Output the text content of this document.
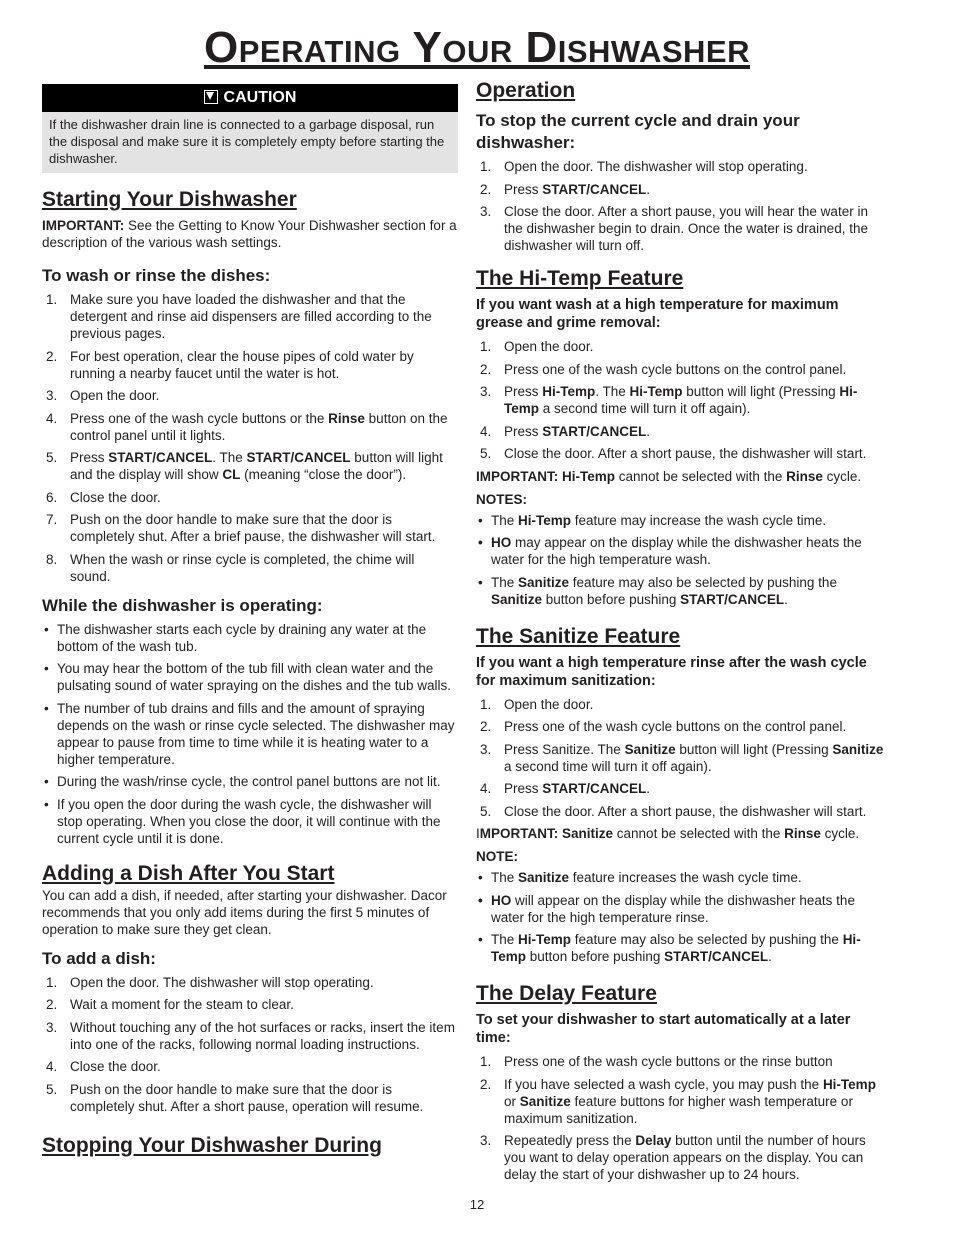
Operating Your Dishwasher
CAUTION
If the dishwasher drain line is connected to a garbage disposal, run the disposal and make sure it is completely empty before starting the dishwasher.
Starting Your Dishwasher

IMPORTANT: See the Getting to Know Your Dishwasher section for a description of the various wash settings.

To wash or rinse the dishes:
1. Make sure you have loaded the dishwasher and that the detergent and rinse aid dispensers are filled according to the previous pages.
2. For best operation, clear the house pipes of cold water by running a nearby faucet until the water is hot.
3. Open the door.
4. Press one of the wash cycle buttons or the Rinse button on the control panel until it lights.
5. Press START/CANCEL. The START/CANCEL button will light and the display will show CL (meaning “close the door”).
6. Close the door.
7. Push on the door handle to make sure that the door is completely shut. After a brief pause, the dishwasher will start.
8. When the wash or rinse cycle is completed, the chime will sound.
While the dishwasher is operating:
• The dishwasher starts each cycle by draining any water at the bottom of the wash tub.
• You may hear the bottom of the tub fill with clean water and the pulsating sound of water spraying on the dishes and the tub walls.
• The number of tub drains and fills and the amount of spraying depends on the wash or rinse cycle selected. The dishwasher may appear to pause from time to time while it is heating water to a higher temperature.
• During the wash/rinse cycle, the control panel buttons are not lit.
• If you open the door during the wash cycle, the dishwasher will stop operating. When you close the door, it will continue with the current cycle until it is done.
Adding a Dish After You Start

You can add a dish, if needed, after starting your dishwasher. Dacor recommends that you only add items during the first 5 minutes of operation to make sure they get clean.

To add a dish:
1. Open the door. The dishwasher will stop operating.
2. Wait a moment for the steam to clear.
3. Without touching any of the hot surfaces or racks, insert the item into one of the racks, following normal loading instructions.
4. Close the door.
5. Push on the door handle to make sure that the door is completely shut. After a short pause, operation will resume.
Stopping Your Dishwasher During
Operation
To stop the current cycle and drain your dishwasher:
1. Open the door. The dishwasher will stop operating.
2. Press START/CANCEL.
3. Close the door. After a short pause, you will hear the water in the dishwasher begin to drain. Once the water is drained, the dishwasher will turn off.
The Hi-Temp Feature
If you want wash at a high temperature for maximum grease and grime removal:
1. Open the door.
2. Press one of the wash cycle buttons on the control panel.
3. Press Hi-Temp. The Hi-Temp button will light (Pressing Hi-Temp a second time will turn it off again).
4. Press START/CANCEL.
5. Close the door. After a short pause, the dishwasher will start.

IMPORTANT: Hi-Temp cannot be selected with the Rinse cycle.

NOTES:

• The Hi-Temp feature may increase the wash cycle time.
• HO may appear on the display while the dishwasher heats the water for the high temperature wash.
• The Sanitize feature may also be selected by pushing the Sanitize button before pushing START/CANCEL.
The Sanitize Feature
If you want a high temperature rinse after the wash cycle for maximum sanitization:
1. Open the door.
2. Press one of the wash cycle buttons on the control panel.
3. Press Sanitize. The Sanitize button will light (Pressing Sanitize a second time will turn it off again).
4. Press START/CANCEL.
5. Close the door. After a short pause, the dishwasher will start.

IMPORTANT: Sanitize cannot be selected with the Rinse cycle.

NOTE:

• The Sanitize feature increases the wash cycle time.
• HO will appear on the display while the dishwasher heats the water for the high temperature rinse.
• The Hi-Temp feature may also be selected by pushing the Hi-Temp button before pushing START/CANCEL.
The Delay Feature
To set your dishwasher to start automatically at a later time:
1. Press one of the wash cycle buttons or the rinse button
2. If you have selected a wash cycle, you may push the Hi-Temp or Sanitize feature buttons for higher wash temperature or maximum sanitization.
3. Repeatedly press the Delay button until the number of hours you want to delay operation appears on the display. You can delay the start of your dishwasher up to 24 hours.
12
